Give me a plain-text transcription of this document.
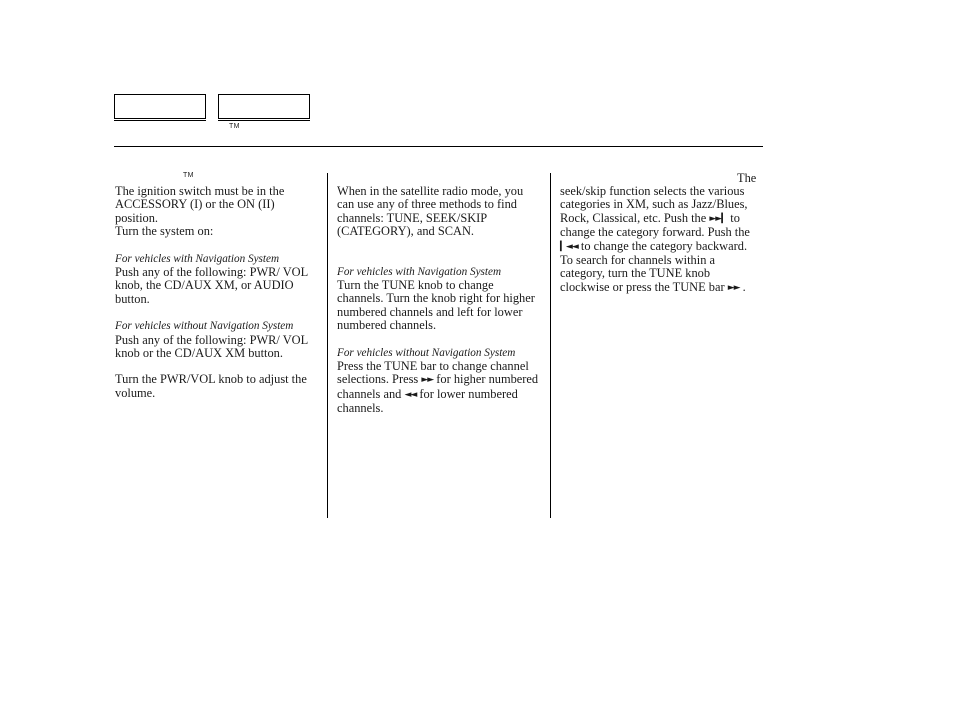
TM
TM

The ignition switch must be in the ACCESSORY (I) or the ON (II) position.

Turn the system on:

For vehicles with Navigation System

Push any of the following: PWR/ VOL knob, the CD/AUX XM, or AUDIO button.

For vehicles without Navigation System

Push any of the following: PWR/ VOL knob or the CD/AUX XM button.

Turn the PWR/VOL knob to adjust the volume.

When in the satellite radio mode, you can use any of three methods to find channels: TUNE, SEEK/SKIP (CATEGORY), and SCAN.

For vehicles with Navigation System

Turn the TUNE knob to change channels. Turn the knob right for higher numbered channels and left for lower numbered channels.

For vehicles without Navigation System

Press the TUNE bar to change channel selections. Press ►► for higher numbered channels and ◄◄ for lower numbered channels.

The

seek/skip function selects the various categories in XM, such as Jazz/Blues, Rock, Classical, etc. Push the ►►▎ to change the category forward. Push the ▎◄◄ to change the category backward. To search for channels within a category, turn the TUNE knob clockwise or press the TUNE bar ►► .
